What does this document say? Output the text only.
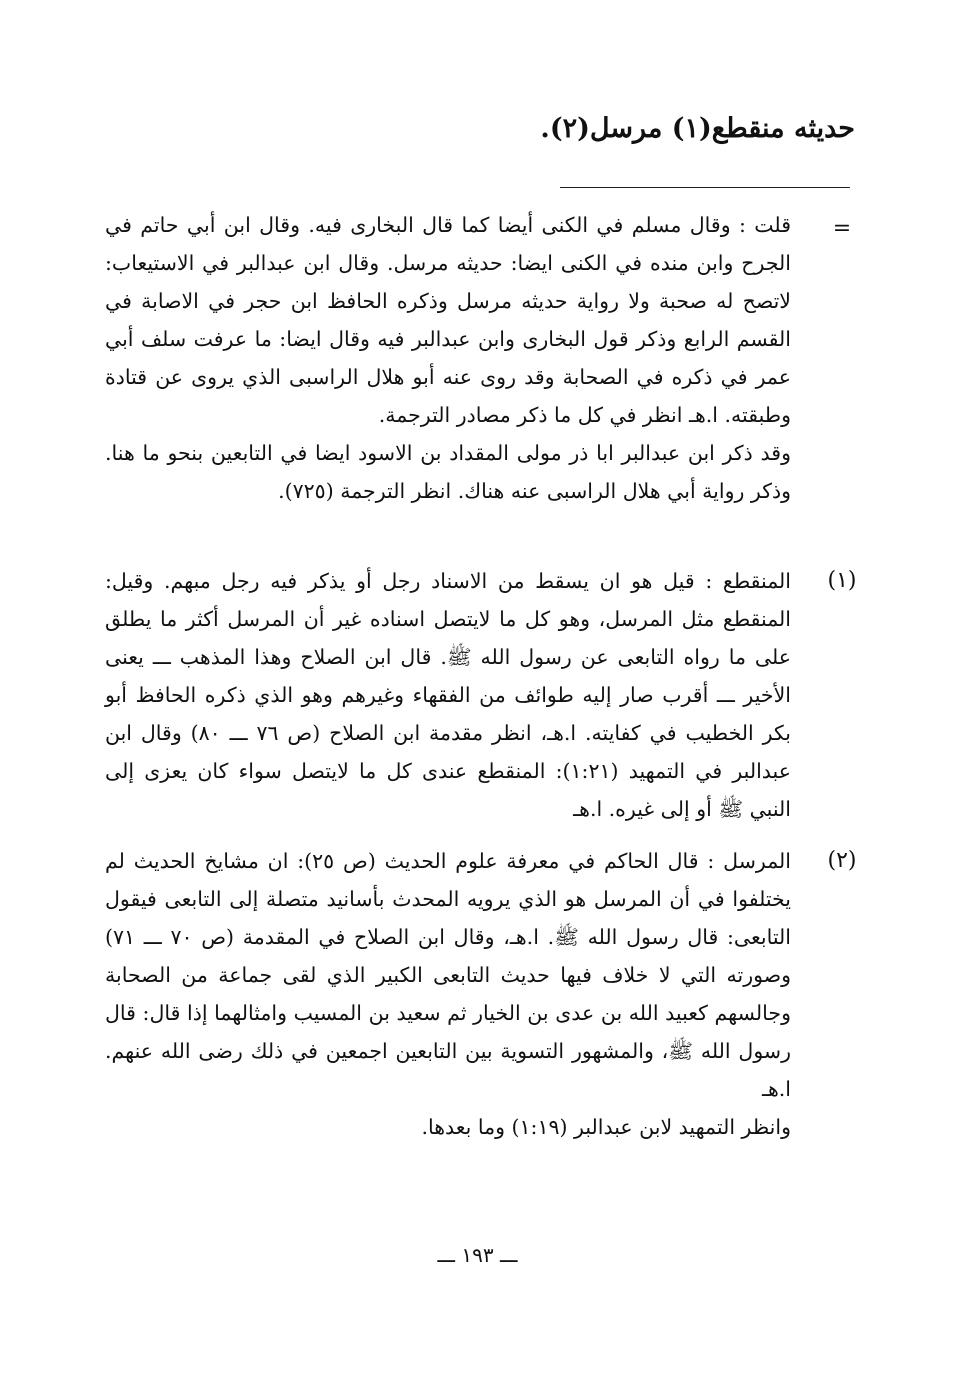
حديثه منقطع(١) مرسل(٢).
=

قلت : وقال مسلم في الكنى أيضا كما قال البخارى فيه. وقال ابن أبي حاتم في الجرح وابن منده في الكنى ايضا: حديثه مرسل. وقال ابن عبدالبر في الاستيعاب: لاتصح له صحبة ولا رواية حديثه مرسل وذكره الحافظ ابن حجر في الاصابة في القسم الرابع وذكر قول البخارى وابن عبدالبر فيه وقال ايضا: ما عرفت سلف أبي عمر في ذكره في الصحابة وقد روى عنه أبو هلال الراسبى الذي يروى عن قتادة وطبقته. ا.هـ انظر في كل ما ذكر مصادر الترجمة.

وقد ذكر ابن عبدالبر ابا ذر مولى المقداد بن الاسود ايضا في التابعين بنحو ما هنا. وذكر رواية أبي هلال الراسبى عنه هناك. انظر الترجمة (٧٢٥).

(١)

المنقطع : قيل هو ان يسقط من الاسناد رجل أو يذكر فيه رجل مبهم. وقيل: المنقطع مثل المرسل، وهو كل ما لايتصل اسناده غير أن المرسل أكثر ما يطلق على ما رواه التابعى عن رسول الله ﷺ. قال ابن الصلاح وهذا المذهب ـــ يعنى الأخير ـــ أقرب صار إليه طوائف من الفقهاء وغيرهم وهو الذي ذكره الحافظ أبو بكر الخطيب في كفايته. ا.هـ، انظر مقدمة ابن الصلاح (ص ٧٦ ـــ ٨٠) وقال ابن عبدالبر في التمهيد (١:٢١): المنقطع عندى كل ما لايتصل سواء كان يعزى إلى النبي ﷺ أو إلى غيره. ا.هـ

(٢)

المرسل : قال الحاكم في معرفة علوم الحديث (ص ٢٥): ان مشايخ الحديث لم يختلفوا في أن المرسل هو الذي يرويه المحدث بأسانيد متصلة إلى التابعى فيقول التابعى: قال رسول الله ﷺ. ا.هـ، وقال ابن الصلاح في المقدمة (ص ٧٠ ـــ ٧١) وصورته التي لا خلاف فيها حديث التابعى الكبير الذي لقى جماعة من الصحابة وجالسهم كعبيد الله بن عدى بن الخيار ثم سعيد بن المسيب وامثالهما إذا قال: قال رسول الله ﷺ، والمشهور التسوية بين التابعين اجمعين في ذلك رضى الله عنهم. ا.هـ

وانظر التمهيد لابن عبدالبر (١:١٩) وما بعدها.

ـــ ١٩٣ ـــ
